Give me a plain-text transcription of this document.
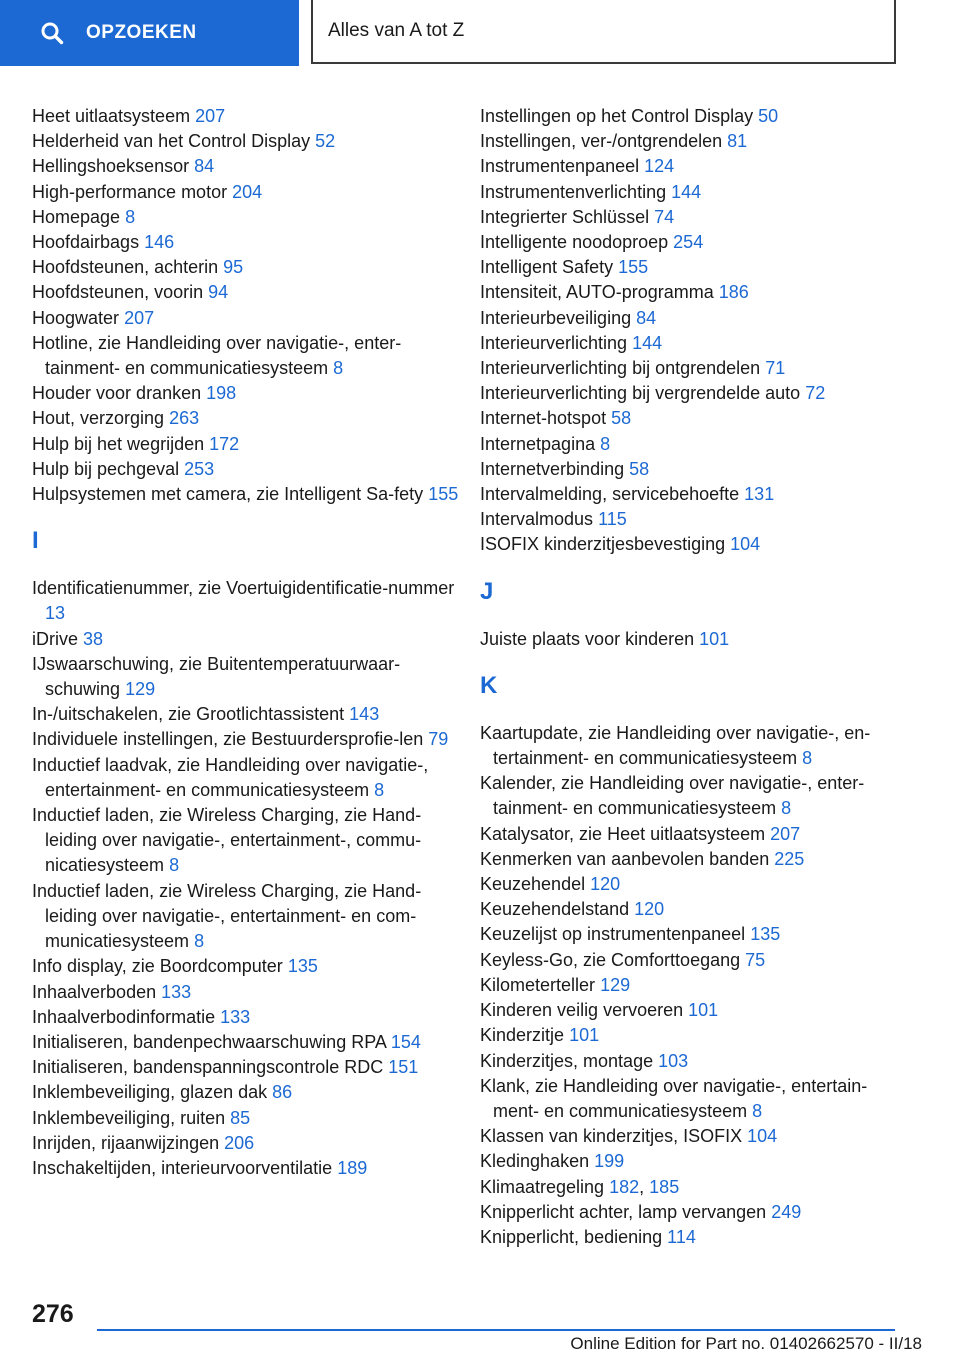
OPZOEKEN	Alles van A tot Z
Heet uitlaatsysteem 207
Helderheid van het Control Display 52
Hellingshoeksensor 84
High-performance motor 204
Homepage 8
Hoofdairbags 146
Hoofdsteunen, achterin 95
Hoofdsteunen, voorin 94
Hoogwater 207
Hotline, zie Handleiding over navigatie-, enter-tainment- en communicatiesysteem 8
Houder voor dranken 198
Hout, verzorging 263
Hulp bij het wegrijden 172
Hulp bij pechgeval 253
Hulpsystemen met camera, zie Intelligent Sa-fety 155
I
Identificatienummer, zie Voertuigidentificatie-nummer 13
iDrive 38
IJswaarschuwing, zie Buitentemperatuurwaar-schuwing 129
In-/uitschakelen, zie Grootlichtassistent 143
Individuele instellingen, zie Bestuurdersprofie-len 79
Inductief laadvak, zie Handleiding over navigatie-, entertainment- en communicatiesysteem 8
Inductief laden, zie Wireless Charging, zie Hand-leiding over navigatie-, entertainment-, commu-nicatiesysteem 8
Inductief laden, zie Wireless Charging, zie Hand-leiding over navigatie-, entertainment- en com-municatiesysteem 8
Info display, zie Boordcomputer 135
Inhaalverboden 133
Inhaalverbodinformatie 133
Initialiseren, bandenpechwaarschuwing RPA 154
Initialiseren, bandenspanningscontrole RDC 151
Inklembeveiliging, glazen dak 86
Inklembeveiliging, ruiten 85
Inrijden, rijaanwijzingen 206
Inschakeltijden, interieurvoorventilatie 189
Instellingen op het Control Display 50
Instellingen, ver-/ontgrendelen 81
Instrumentenpaneel 124
Instrumentenverlichting 144
Integrierter Schlüssel 74
Intelligente noodoproep 254
Intelligent Safety 155
Intensiteit, AUTO-programma 186
Interieurbeveiliging 84
Interieurverlichting 144
Interieurverlichting bij ontgrendelen 71
Interieurverlichting bij vergrendelde auto 72
Internet-hotspot 58
Internetpagina 8
Internetverbinding 58
Intervalmelding, servicebehoefte 131
Intervalmodus 115
ISOFIX kinderzitjesbevestiging 104
J
Juiste plaats voor kinderen 101
K
Kaartupdate, zie Handleiding over navigatie-, en-tertainment- en communicatiesysteem 8
Kalender, zie Handleiding over navigatie-, enter-tainment- en communicatiesysteem 8
Katalysator, zie Heet uitlaatsysteem 207
Kenmerken van aanbevolen banden 225
Keuzehendel 120
Keuzehendelstand 120
Keuzelijst op instrumentenpaneel 135
Keyless-Go, zie Comforttoegang 75
Kilometerteller 129
Kinderen veilig vervoeren 101
Kinderzitje 101
Kinderzitjes, montage 103
Klank, zie Handleiding over navigatie-, entertain-ment- en communicatiesysteem 8
Klassen van kinderzitjes, ISOFIX 104
Kledinghaken 199
Klimaatregeling 182, 185
Knipperlicht achter, lamp vervangen 249
Knipperlicht, bediening 114
276
Online Edition for Part no. 01402662570 - II/18
